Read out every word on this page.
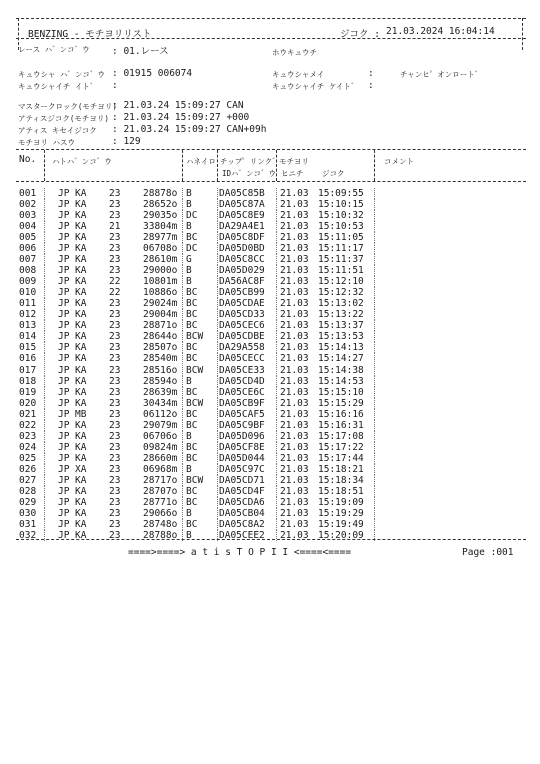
BENZING - モチヨリリスト	ジコク : 21.03.2024 16:04:14
レース ハ゛ンコ゛ウ : 01.レース	ホウキュウチ
キュウシャ ハ゛ンコ゛ウ : 01915 006074	キュウシャメイ	:	チャンヒ゜オンロート゛
キュウシャイチ イト゛ :	キュウシャイチ ケイト゛ :
マスタークロック(モチヨリ)
: 21.03.24 15:09:27 CAN
アティスジコク(モチヨリ) : 21.03.24 15:09:27 +000
アティス キセイジコク : 21.03.24 15:09:27 CAN+09h
モチヨリ ハスウ	: 129
No. ハトハ゛ンコ゛ウ	ハネイロ チップ゜リンク゛
IDハ゛ンコ゛ウ
モチヨリ
ヒニチ ジコク
コメント
001 JP KA 23 28878o B	DA05C85B 21.03 15:09:55
002 JP KA 23 28652o B	DA05C87A 21.03 15:10:15
003 JP KA 23 29035o DC DA05C8E9 21.03 15:10:32
004 JP KA 21 33804m B	DA29A4E1 21.03 15:10:53
005 JP KA 23 28977m BC DA05C8DF 21.03 15:11:05
006 JP KA 23 06708o DC DA05D0BD 21.03 15:11:17
007 JP KA 23 28610m G	DA05C8CC 21.03 15:11:37
008 JP KA 23 29000o B	DA05D029 21.03 15:11:51
009 JP KA 22 10801m B	DA56AC8F 21.03 15:12:10
010 JP KA 22 10886o BC DA05CB99 21.03 15:12:32
011 JP KA 23 29024m BC DA05CDAE 21.03 15:13:02
012 JP KA 23 29004m BC DA05CD33 21.03 15:13:22
013 JP KA 23 28871o BC DA05CEC6 21.03 15:13:37
014 JP KA 23 28644o BCW DA05CDBE 21.03 15:13:53
015 JP KA 23 28507o BC DA29A558 21.03 15:14:13
016 JP KA 23 28540m BC DA05CECC 21.03 15:14:27
017 JP KA 23 28516o BCW DA05CE33 21.03 15:14:38
018 JP KA 23 28594o B	DA05CD4D 21.03 15:14:53
019 JP KA 23 28639m BC DA05CE6C 21.03 15:15:10
020 JP KA 23 30434m BCW DA05CB9F 21.03 15:15:29
021 JP MB 23 06112o BC DA05CAF5 21.03 15:16:16
022 JP KA 23 29079m BC DA05C9BF 21.03 15:16:31
023 JP KA 23 06706o B	DA05D096 21.03 15:17:08
024 JP KA 23 09824m BC DA05CF8E 21.03 15:17:22
025 JP KA 23 28660m BC DA05D044 21.03 15:17:44
026 JP XA 23 06968m B	DA05C97C 21.03 15:18:21
027 JP KA 23 28717o BCW DA05CD71 21.03 15:18:34
028 JP KA 23 28707o BC DA05CD4F 21.03 15:18:51
029 JP KA 23 28771o BC DA05CDA6 21.03 15:19:09
030 JP KA 23 29066o B	DA05CB04 21.03 15:19:29
031 JP KA 23 28748o BC DA05C8A2 21.03 15:19:49
032 JP KA 23 28788o B	DA05CEE2 21.03 15:20:09
====>====> a t i s T O P I I <====<====	Page :001
